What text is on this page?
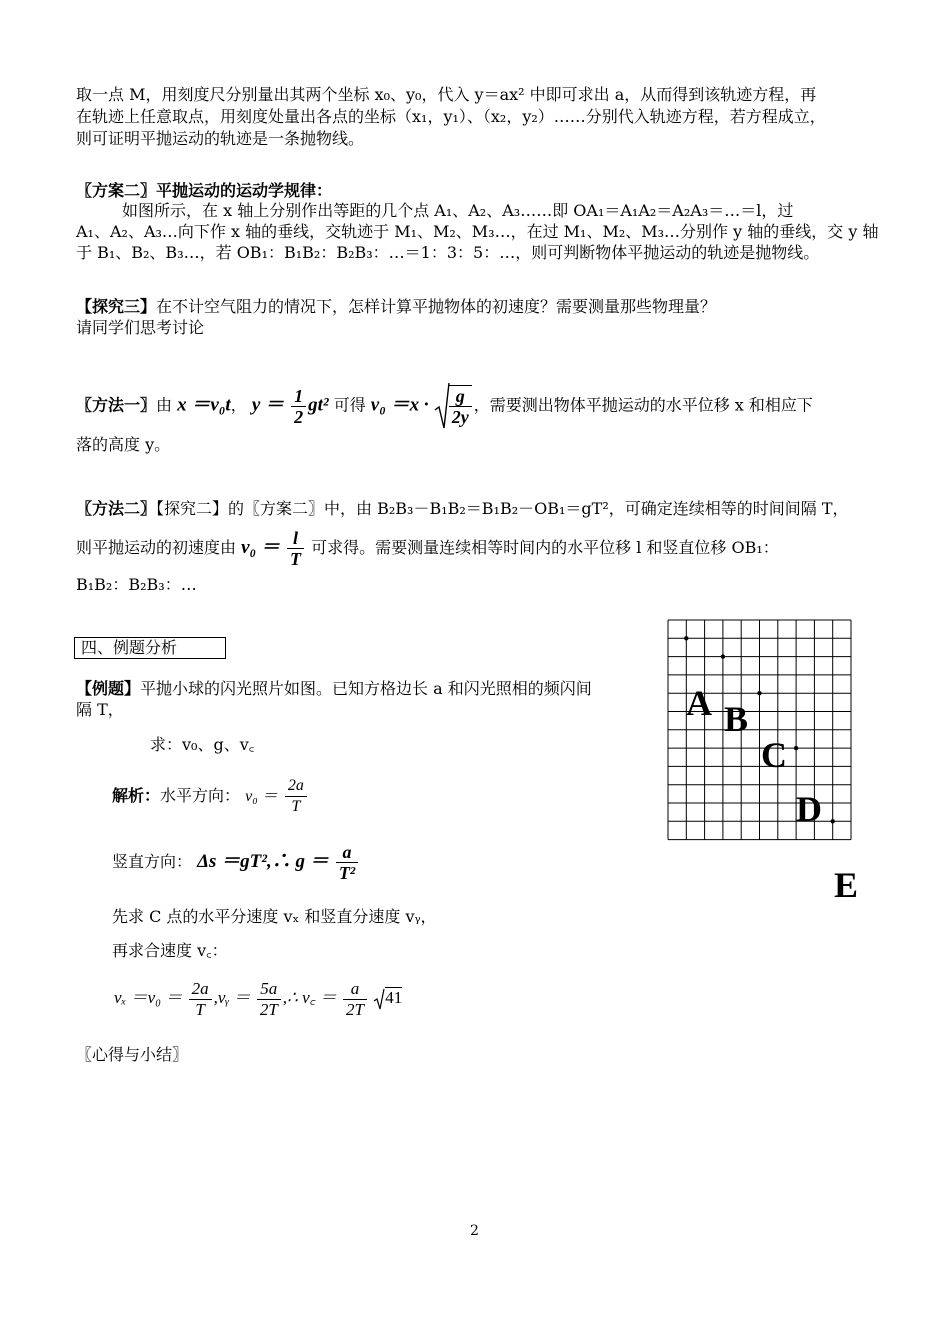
取一点 M，用刻度尺分别量出其两个坐标 x₀、y₀，代入 y＝ax² 中即可求出 a，从而得到该轨迹方程，再
在轨迹上任意取点，用刻度处量出各点的坐标（x₁，y₁）、（x₂，y₂）……分别代入轨迹方程，若方程成立，
则可证明平抛运动的轨迹是一条抛物线。
〖方案二〗平抛运动的运动学规律：
如图所示，在 x 轴上分别作出等距的几个点 A₁、A₂、A₃……即 OA₁＝A₁A₂＝A₂A₃＝…＝l，过
A₁、A₂、A₃…向下作 x 轴的垂线，交轨迹于 M₁、M₂、M₃…，在过 M₁、M₂、M₃…分别作 y 轴的垂线，交 y 轴
于 B₁、B₂、B₃…，若 OB₁：B₁B₂：B₂B₃：…＝1：3：5：…，则可判断物体平抛运动的轨迹是抛物线。
【探究三】在不计空气阻力的情况下，怎样计算平抛物体的初速度？需要测量那些物理量？
请同学们思考讨论
〖方法一〗由 x ＝v₀t， $y = \frac{1}{2} gt^2$ 可得 $v_0 =x \cdot \frac{g}{2y}$ ，需要测出物体平抛运动的水平位移 x 和相应下
落的高度 y。
〖方法二〗【探究二】的〖方案二〗中，由 B₂B₃－B₁B₂＝B₁B₂－OB₁＝gT²，可确定连续相等的时间间隔 T，
则平抛运动的初速度由 $v_0 = \frac{l}{T}$ 可求得。需要测量连续相等时间内的水平位移 l 和竖直位移 OB₁：
B₁B₂：B₂B₃：…
四、例题分析
【例题】平抛小球的闪光照片如图。已知方格边长 a 和闪光照相的频闪间
隔 T，
求：v₀、g、v꜀
解析：水平方向： $v_0 = \frac{2a}{T}$
竖直方向： Δs ＝gT²,∴ $g = \frac{a}{\text{T²}}$
先求 C 点的水平分速度 vₓ 和竖直分速度 vᵧ，
再求合速度 v꜀：
$v_x =v_0 = \frac{2a}{T}$ ,vᵧ ＝ $\frac{5a}{2T}$ ,∴ v꜀ ＝ $\frac{a}{2T} 41$
〖心得与小结〗
A B
C
D
E
2
